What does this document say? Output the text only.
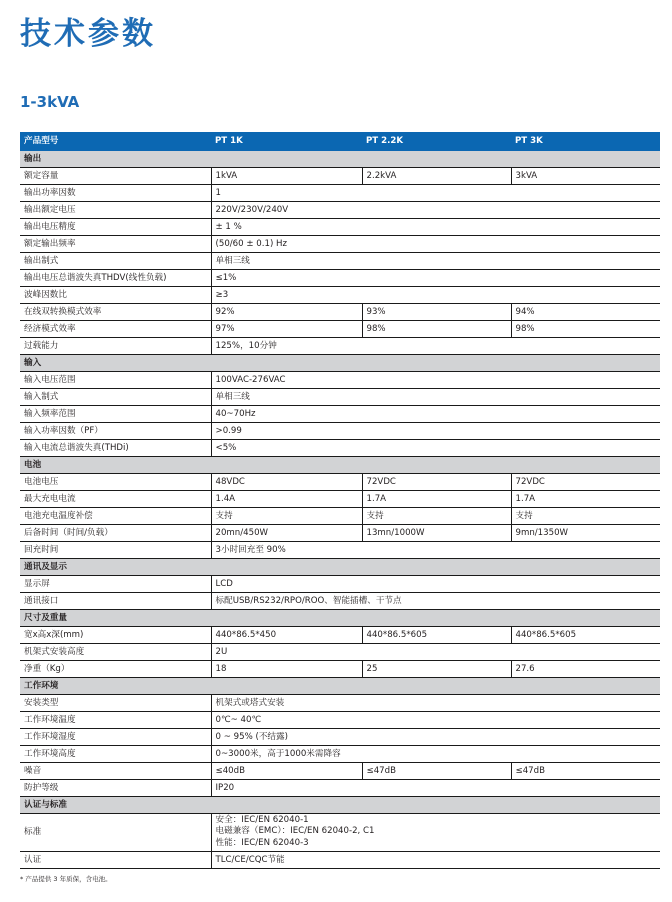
技术参数
1-3kVA
产品型号	PT 1K	PT 2.2K	PT 3K
输出			
额定容量	1kVA	2.2kVA	3kVA
输出功率因数	1		
输出额定电压	220V/230V/240V		
输出电压精度	± 1 %		
额定输出频率	(50/60 ± 0.1) Hz		
输出制式	单相三线		
输出电压总谐波失真THDV(线性负载)	≤1%		
波峰因数比	≥3		
在线双转换模式效率	92%	93%	94%
经济模式效率	97%	98%	98%
过载能力	125%，10分钟		
输入			
输入电压范围	100VAC-276VAC		
输入制式	单相三线		
输入频率范围	40~70Hz		
输入功率因数（PF）	>0.99		
输入电流总谐波失真(THDi)	<5%		
电池			
电池电压	48VDC	72VDC	72VDC
最大充电电流	1.4A	1.7A	1.7A
电池充电温度补偿	支持	支持	支持
后备时间（时间/负载）	20mn/450W	13mn/1000W	9mn/1350W
回充时间	3小时回充至 90%		
通讯及显示			
显示屏	LCD		
通讯接口	标配USB/RS232/RPO/ROO、智能插槽、干节点		
尺寸及重量			
宽x高x深(mm)	440*86.5*450	440*86.5*605	440*86.5*605
机架式安装高度	2U		
净重（Kg）	18	25	27.6
工作环境			
安装类型	机架式或塔式安装		
工作环境温度	0℃~ 40℃		
工作环境湿度	0 ~ 95% (不结露)		
工作环境高度	0~3000米，高于1000米需降容		
噪音	≤40dB	≤47dB	≤47dB
防护等级	IP20		
认证与标准			
标准	安全：IEC/EN 62040-1
电磁兼容（EMC）：IEC/EN 62040-2, C1
性能：IEC/EN 62040-3		

认证	TLC/CE/CQC节能		

* 产品提供 3 年质保，含电池。
